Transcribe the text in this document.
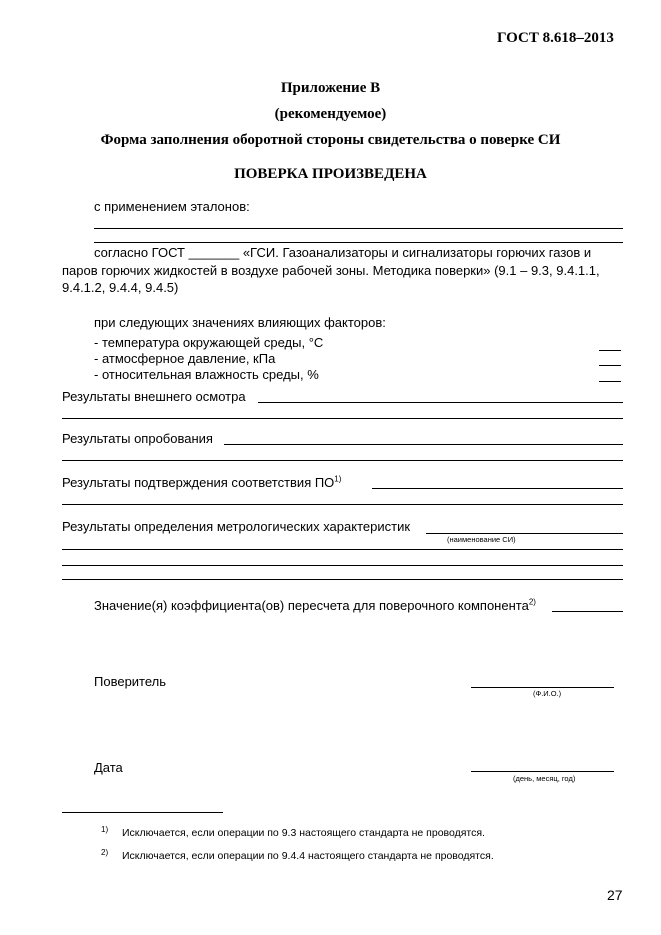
ГОСТ 8.618–2013
Приложение В
(рекомендуемое)
Форма заполнения оборотной стороны свидетельства о поверке СИ
ПОВЕРКА ПРОИЗВЕДЕНА
с применением эталонов:
согласно ГОСТ _______ «ГСИ. Газоанализаторы и сигнализаторы горючих газов и
паров горючих жидкостей в воздухе рабочей зоны. Методика поверки» (9.1 – 9.3, 9.4.1.1,
9.4.1.2, 9.4.4, 9.4.5)
при следующих значениях влияющих факторов:
- температура окружающей среды, °С
- атмосферное давление, кПа
- относительная влажность среды, %
Результаты внешнего осмотра
Результаты опробования
Результаты подтверждения соответствия ПО$^{1)}$
Результаты определения метрологических характеристик
(наименование СИ)
Значение(я) коэффициента(ов) пересчета для поверочного компонента$^{2)}$
Поверитель
(Ф.И.О.)
Дата
(день, месяц, год)
1) Исключается, если операции по 9.3 настоящего стандарта не проводятся.
2) Исключается, если операции по 9.4.4 настоящего стандарта не проводятся.
27
